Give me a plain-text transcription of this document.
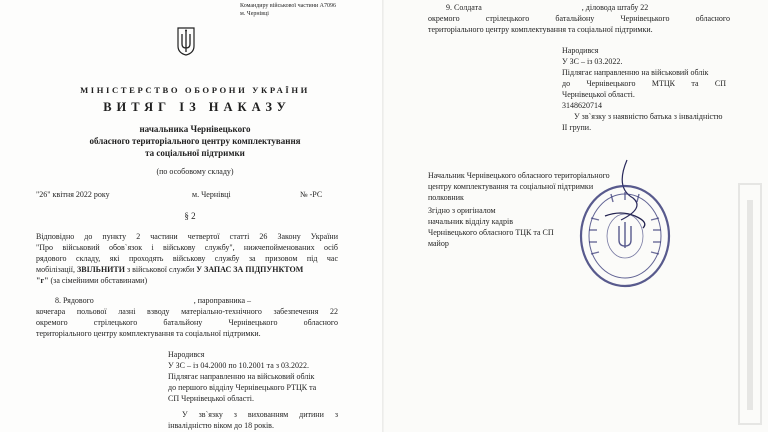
Командиру військової частини А7096
м. Чернівці
МІНІСТЕРСТВО ОБОРОНИ УКРАЇНИ
ВИТЯГ ІЗ НАКАЗУ
начальника Чернівецького
обласного територіального центру комплектування
та соціальної підтримки
(по особовому складу)
"26" квітня 2022 року	м. Чернівці	№ -РС
§ 2
Відповідно до пункту 2 частини четвертої статті 26 Закону України
"Про військовий обов`язок і військову службу", нижчепойменованих осіб
рядового складу, які проходять військову службу за призовом під час
мобілізації, ЗВІЛЬНИТИ з військової служби У ЗАПАС ЗА ПІДПУНКТОМ
"г" (за сімейними обставинами)
8. Рядового	, пароправника –
кочегара польової лазні взводу матеріально-технічного забезпечення 22
окремого стрілецького батальйону Чернівецького обласного
територіального центру комплектування та соціальної підтримки.
Народився
У ЗС – із 04.2000 по 10.2001 та з 03.2022.
Підлягає направленню на військовий облік
до першого відділу Чернівецького РТЦК та
СП Чернівецької області.
У зв`язку з вихованням дитини з
інвалідністю віком до 18 років.
9. Солдата	, діловода штабу 22
окремого стрілецького батальйону Чернівецького обласного
територіального центру комплектування та соціальної підтримки.
Народився
У ЗС – із 03.2022.
Підлягає направленню на військовий облік
до Чернівецького МТЦК та СП
Чернівецької області.
3148620714
У зв`язку з наявністю батька з інвалідністю
ІІ групи.
Начальник Чернівецького обласного територіального
центру комплектування та соціальної підтримки
полковник
Згідно з оригіналом
начальник відділу кадрів
Чернівецького обласного ТЦК та СП
майор
